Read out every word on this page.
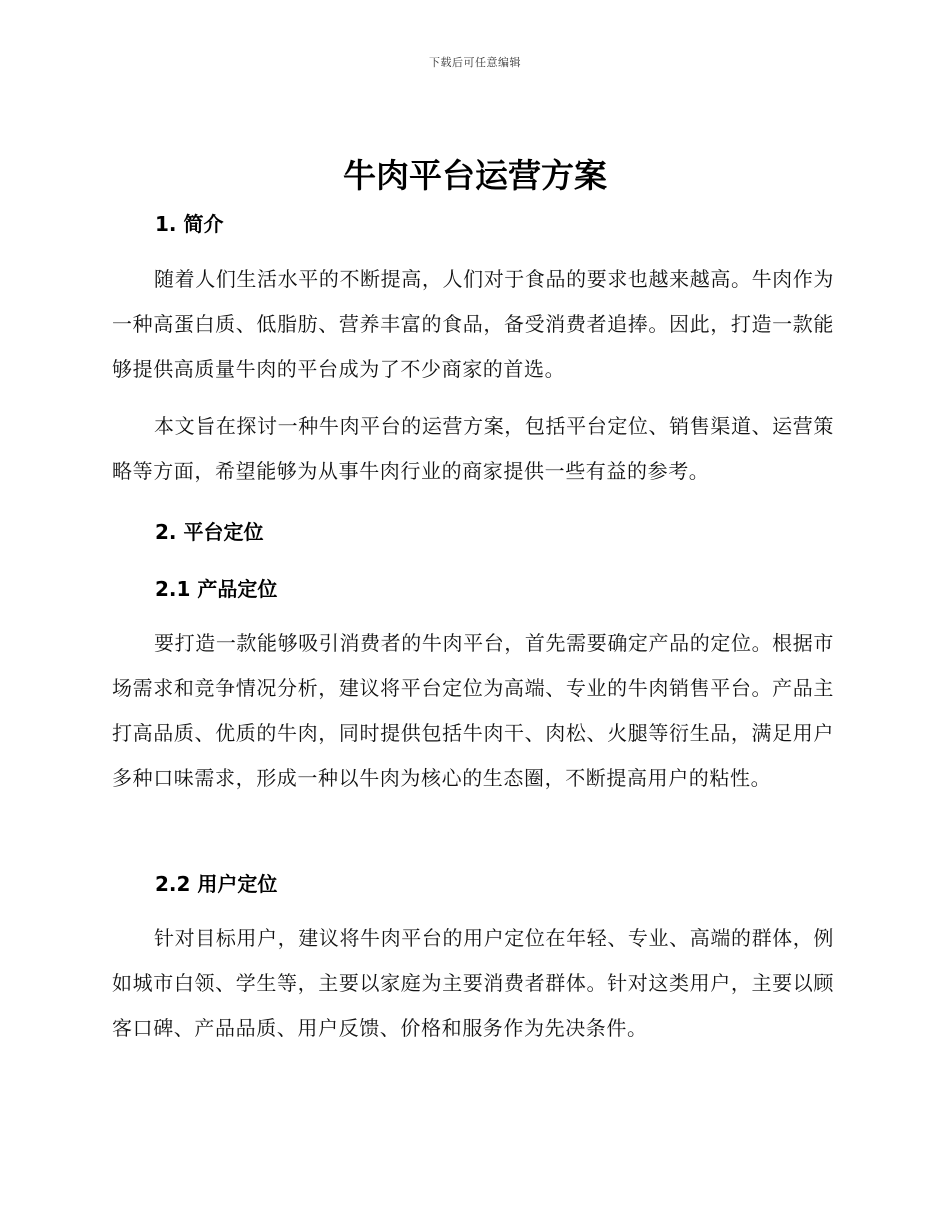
下载后可任意编辑
牛肉平台运营方案
1. 简介

随着人们生活水平的不断提高，人们对于食品的要求也越来越高。牛肉作为一种高蛋白质、低脂肪、营养丰富的食品，备受消费者追捧。因此，打造一款能够提供高质量牛肉的平台成为了不少商家的首选。

本文旨在探讨一种牛肉平台的运营方案，包括平台定位、销售渠道、运营策略等方面，希望能够为从事牛肉行业的商家提供一些有益的参考。

2. 平台定位
2.1 产品定位

要打造一款能够吸引消费者的牛肉平台，首先需要确定产品的定位。根据市场需求和竞争情况分析，建议将平台定位为高端、专业的牛肉销售平台。产品主打高品质、优质的牛肉，同时提供包括牛肉干、肉松、火腿等衍生品，满足用户多种口味需求，形成一种以牛肉为核心的生态圈，不断提高用户的粘性。

2.2 用户定位

针对目标用户，建议将牛肉平台的用户定位在年轻、专业、高端的群体，例如城市白领、学生等，主要以家庭为主要消费者群体。针对这类用户，主要以顾客口碑、产品品质、用户反馈、价格和服务作为先决条件。
